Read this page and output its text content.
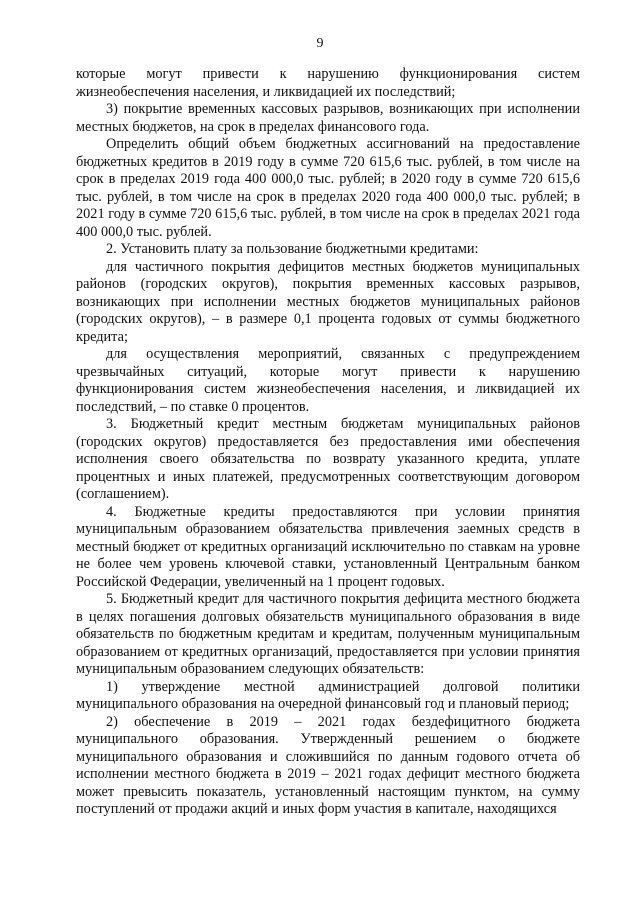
9

которые могут привести к нарушению функционирования систем жизнеобеспечения населения, и ликвидацией их последствий;

3) покрытие временных кассовых разрывов, возникающих при исполнении местных бюджетов, на срок в пределах финансового года.

Определить общий объем бюджетных ассигнований на предоставление бюджетных кредитов в 2019 году в сумме 720 615,6 тыс. рублей, в том числе на срок в пределах 2019 года 400 000,0 тыс. рублей; в 2020 году в сумме 720 615,6 тыс. рублей, в том числе на срок в пределах 2020 года 400 000,0 тыс. рублей; в 2021 году в сумме 720 615,6 тыс. рублей, в том числе на срок в пределах 2021 года 400 000,0 тыс. рублей.

2. Установить плату за пользование бюджетными кредитами:

для частичного покрытия дефицитов местных бюджетов муниципальных районов (городских округов), покрытия временных кассовых разрывов, возникающих при исполнении местных бюджетов муниципальных районов (городских округов), – в размере 0,1 процента годовых от суммы бюджетного кредита;

для осуществления мероприятий, связанных с предупреждением чрезвычайных ситуаций, которые могут привести к нарушению функционирования систем жизнеобеспечения населения, и ликвидацией их последствий, – по ставке 0 процентов.

3. Бюджетный кредит местным бюджетам муниципальных районов (городских округов) предоставляется без предоставления ими обеспечения исполнения своего обязательства по возврату указанного кредита, уплате процентных и иных платежей, предусмотренных соответствующим договором (соглашением).

4. Бюджетные кредиты предоставляются при условии принятия муниципальным образованием обязательства привлечения заемных средств в местный бюджет от кредитных организаций исключительно по ставкам на уровне не более чем уровень ключевой ставки, установленный Центральным банком Российской Федерации, увеличенный на 1 процент годовых.

5. Бюджетный кредит для частичного покрытия дефицита местного бюджета в целях погашения долговых обязательств муниципального образования в виде обязательств по бюджетным кредитам и кредитам, полученным муниципальным образованием от кредитных организаций, предоставляется при условии принятия муниципальным образованием следующих обязательств:

1) утверждение местной администрацией долговой политики муниципального образования на очередной финансовый год и плановый период;

2) обеспечение в 2019 – 2021 годах бездефицитного бюджета муниципального образования. Утвержденный решением о бюджете муниципального образования и сложившийся по данным годового отчета об исполнении местного бюджета в 2019 – 2021 годах дефицит местного бюджета может превысить показатель, установленный настоящим пунктом, на сумму поступлений от продажи акций и иных форм участия в капитале, находящихся
